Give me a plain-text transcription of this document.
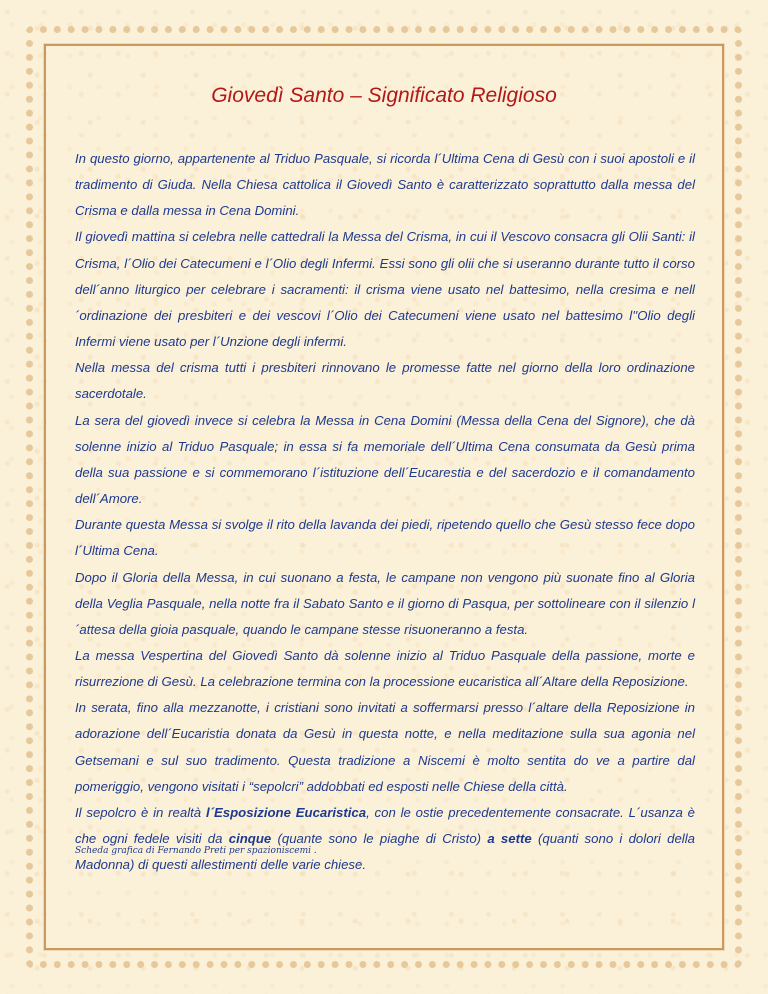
Giovedì Santo – Significato Religioso

In questo giorno, appartenente al Triduo Pasquale, si ricorda l´Ultima Cena di Gesù con i suoi apostoli e il tradimento di Giuda. Nella Chiesa cattolica il Giovedì Santo è caratterizzato soprattutto dalla messa del Crisma e dalla messa in Cena Domini.

Il giovedì mattina si celebra nelle cattedrali la Messa del Crisma, in cui il Vescovo consacra gli Olii Santi: il Crisma, l´Olio dei Catecumeni e l´Olio degli Infermi. Essi sono gli olii che si useranno durante tutto il corso dell´anno liturgico per celebrare i sacramenti: il crisma viene usato nel battesimo, nella cresima e nell´ordinazione dei presbiteri e dei vescovi l´Olio dei Catecumeni viene usato nel battesimo l''Olio degli Infermi viene usato per l´Unzione degli infermi.

Nella messa del crisma tutti i presbiteri rinnovano le promesse fatte nel giorno della loro ordinazione sacerdotale.

La sera del giovedì invece si celebra la Messa in Cena Domini (Messa della Cena del Signore), che dà solenne inizio al Triduo Pasquale; in essa si fa memoriale dell´Ultima Cena consumata da Gesù prima della sua passione e si commemorano l´istituzione dell´Eucarestia e del sacerdozio e il comandamento dell´Amore.

Durante questa Messa si svolge il rito della lavanda dei piedi, ripetendo quello che Gesù stesso fece dopo l´Ultima Cena.

Dopo il Gloria della Messa, in cui suonano a festa, le campane non vengono più suonate fino al Gloria della Veglia Pasquale, nella notte fra il Sabato Santo e il giorno di Pasqua, per sottolineare con il silenzio l´attesa della gioia pasquale, quando le campane stesse risuoneranno a festa.

La messa Vespertina del Giovedì Santo dà solenne inizio al Triduo Pasquale della passione, morte e risurrezione di Gesù. La celebrazione termina con la processione eucaristica all´Altare della Reposizione.

In serata, fino alla mezzanotte, i cristiani sono invitati a soffermarsi presso l´altare della Reposizione in adorazione dell´Eucaristia donata da Gesù in questa notte, e nella meditazione sulla sua agonia nel Getsemani e sul suo tradimento. Questa tradizione a Niscemi è molto sentita do ve a partire dal pomeriggio, vengono visitati i “sepolcri” addobbati ed esposti nelle Chiese della città.

Il sepolcro è in realtà l´Esposizione Eucaristica, con le ostie precedentemente consacrate. L´usanza è che ogni fedele visiti da cinque (quante sono le piaghe di Cristo) a sette (quanti sono i dolori della Madonna) di questi allestimenti delle varie chiese.

Scheda grafica di Fernando Preti per spazioniscemi .
